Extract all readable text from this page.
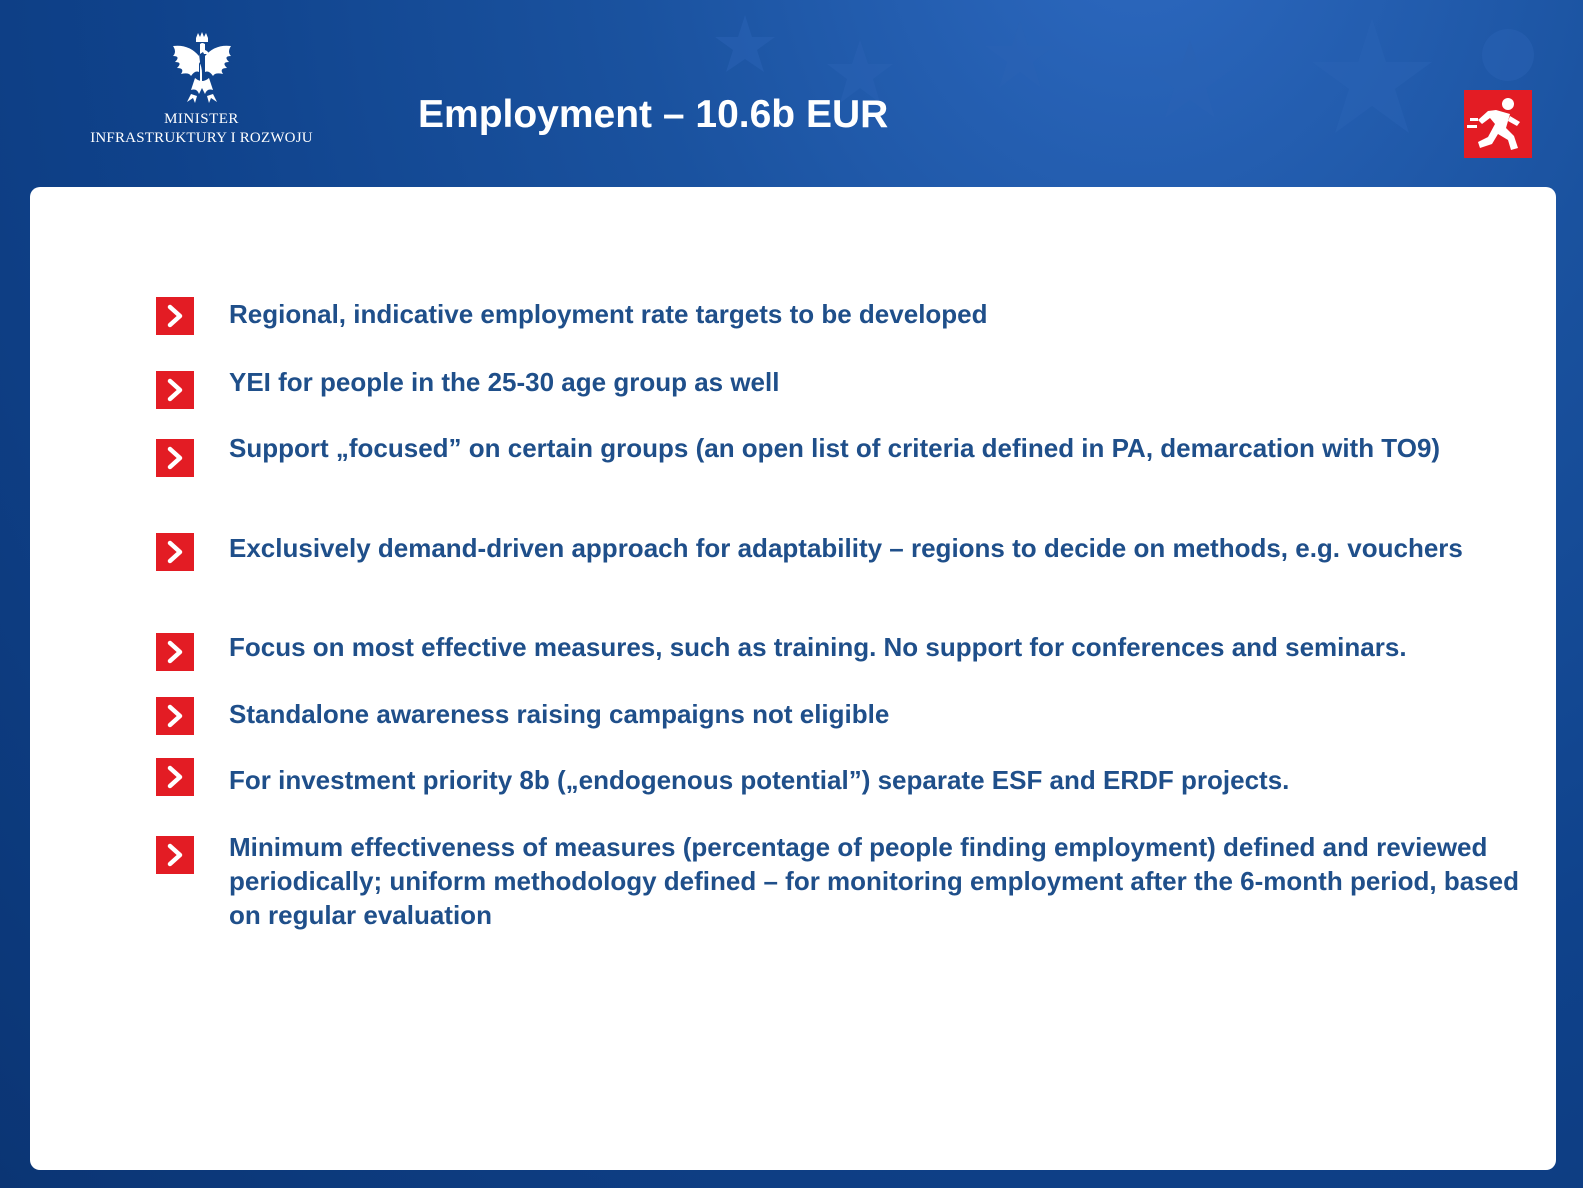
MINISTER
INFRASTRUKTURY I ROZWOJU
Employment – 10.6b EUR

Regional, indicative employment rate targets to be developed

YEI for people in the 25-30 age group as well

Support „focused” on certain groups (an open list of criteria defined in PA, demarcation with TO9)

Exclusively demand-driven approach for adaptability – regions to decide on methods, e.g. vouchers

Focus on most effective measures, such as training. No support for conferences and seminars.

Standalone awareness raising campaigns not eligible

For investment priority 8b („endogenous potential”) separate ESF and ERDF projects.

Minimum effectiveness of measures (percentage of people finding employment) defined and reviewed periodically; uniform methodology defined – for monitoring employment after the 6-month period, based on regular evaluation
